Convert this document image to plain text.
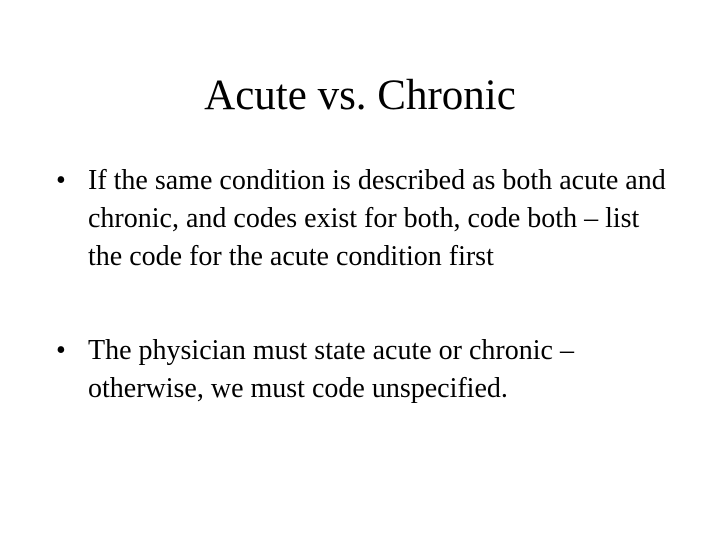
Acute vs. Chronic
• If the same condition is described as both acute and chronic, and codes exist for both, code both – list the code for the acute condition first
• The physician must state acute or chronic – otherwise, we must code unspecified.
